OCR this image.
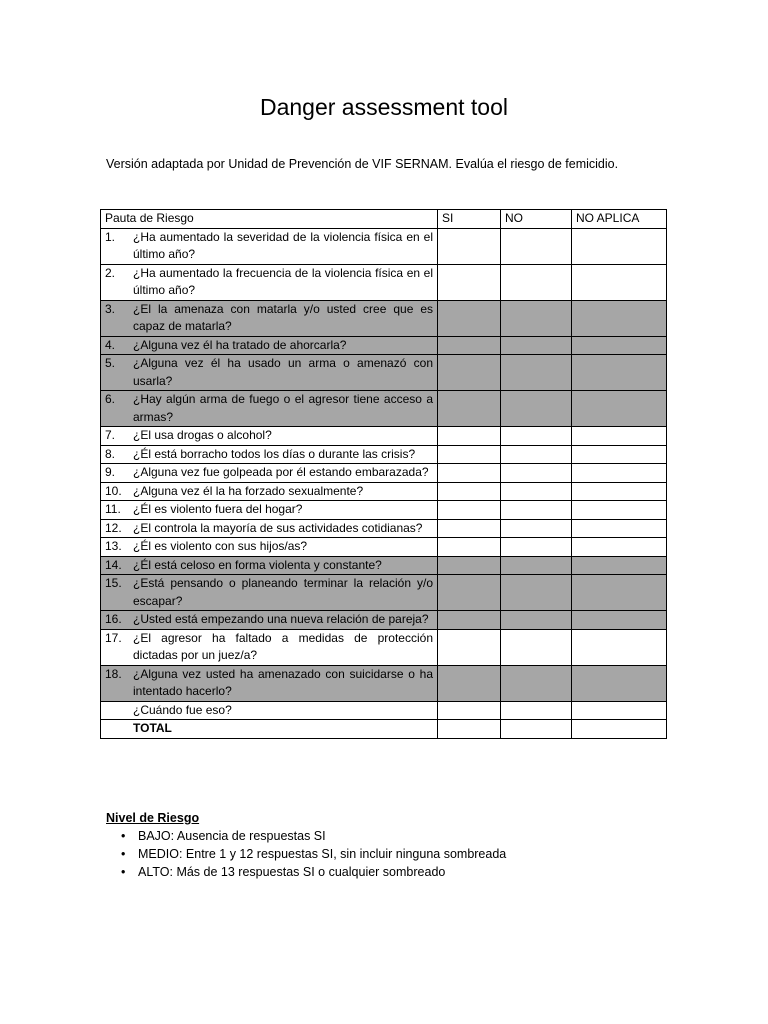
Danger assessment tool
Versión adaptada por Unidad de Prevención de VIF SERNAM. Evalúa el riesgo de femicidio.
Pauta de Riesgo	SI	NO	NO APLICA

1. ¿Ha aumentado la severidad de la violencia física en el último año?			

2. ¿Ha aumentado la frecuencia de la violencia física en el último año?			

3. ¿El la amenaza con matarla y/o usted cree que es capaz de matarla?			

4. ¿Alguna vez él ha tratado de ahorcarla?			

5. ¿Alguna vez él ha usado un arma o amenazó con usarla?			

6. ¿Hay algún arma de fuego o el agresor tiene acceso a armas?			

7. ¿El usa drogas o alcohol?			

8. ¿Él está borracho todos los días o durante las crisis?			

9. ¿Alguna vez fue golpeada por él estando embarazada?			

10. ¿Alguna vez él la ha forzado sexualmente?			

11. ¿Él es violento fuera del hogar?			

12. ¿El controla la mayoría de sus actividades cotidianas?			

13. ¿Él es violento con sus hijos/as?			

14. ¿Él está celoso en forma violenta y constante?			

15. ¿Está pensando o planeando terminar la relación y/o escapar?			

16. ¿Usted está empezando una nueva relación de pareja?			

17. ¿El agresor ha faltado a medidas de protección dictadas por un juez/a?			

18. ¿Alguna vez usted ha amenazado con suicidarse o ha intentado hacerlo?			

¿Cuándo fue eso?			

TOTAL			

Nivel de Riesgo
• BAJO: Ausencia de respuestas SI
• MEDIO: Entre 1 y 12 respuestas SI, sin incluir ninguna sombreada
• ALTO: Más de 13 respuestas SI o cualquier sombreado
